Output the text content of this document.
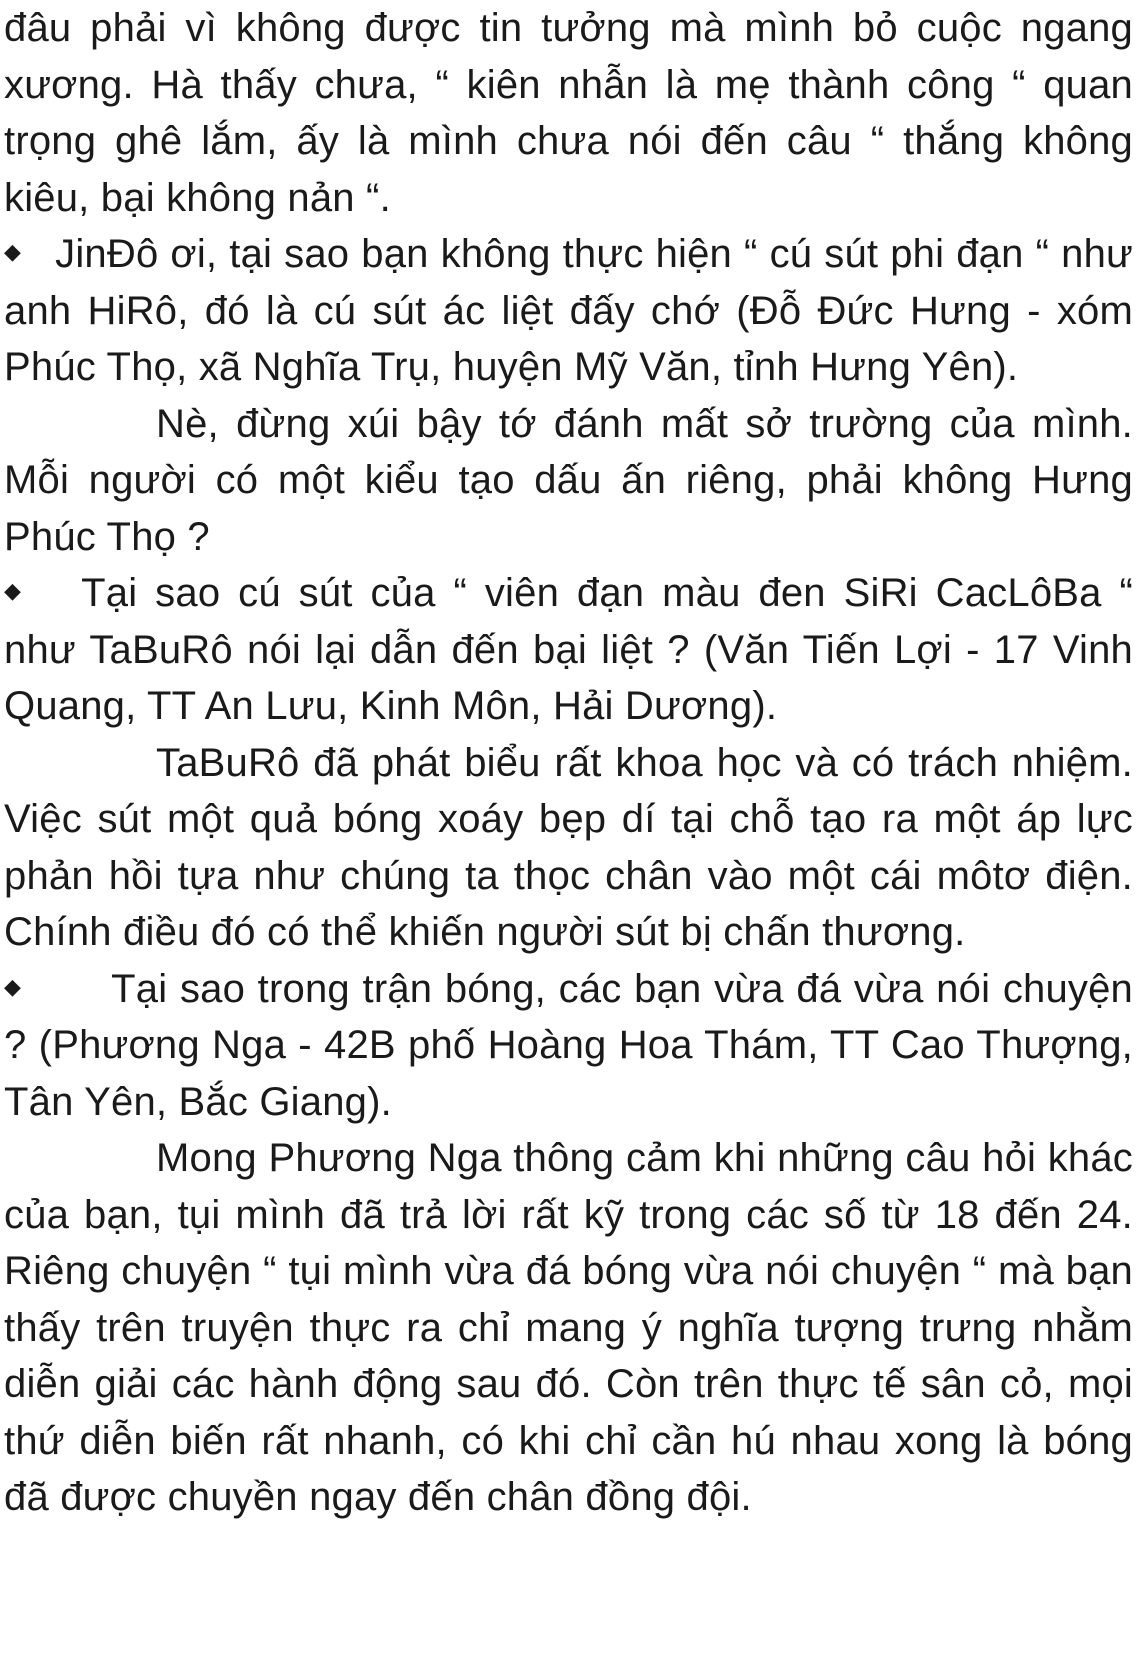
đâu phải vì không được tin tưởng mà mình bỏ cuộc ngang xương. Hà thấy chưa, “ kiên nhẫn là mẹ thành công “ quan trọng ghê lắm, ấy là mình chưa nói đến câu “ thắng không kiêu, bại không nản “.

◆ JinĐô ơi, tại sao bạn không thực hiện “ cú sút phi đạn “ như anh HiRô, đó là cú sút ác liệt đấy chớ (Đỗ Đức Hưng - xóm Phúc Thọ, xã Nghĩa Trụ, huyện Mỹ Văn, tỉnh Hưng Yên).

Nè, đừng xúi bậy tớ đánh mất sở trường của mình. Mỗi người có một kiểu tạo dấu ấn riêng, phải không Hưng Phúc Thọ ?

◆ Tại sao cú sút của “ viên đạn màu đen SiRi CacLôBa “ như TaBuRô nói lại dẫn đến bại liệt ? (Văn Tiến Lợi - 17 Vinh Quang, TT An Lưu, Kinh Môn, Hải Dương).

TaBuRô đã phát biểu rất khoa học và có trách nhiệm. Việc sút một quả bóng xoáy bẹp dí tại chỗ tạo ra một áp lực phản hồi tựa như chúng ta thọc chân vào một cái môtơ điện. Chính điều đó có thể khiến người sút bị chấn thương.

◆ Tại sao trong trận bóng, các bạn vừa đá vừa nói chuyện ? (Phương Nga - 42B phố Hoàng Hoa Thám, TT Cao Thượng, Tân Yên, Bắc Giang).

Mong Phương Nga thông cảm khi những câu hỏi khác của bạn, tụi mình đã trả lời rất kỹ trong các số từ 18 đến 24. Riêng chuyện “ tụi mình vừa đá bóng vừa nói chuyện “ mà bạn thấy trên truyện thực ra chỉ mang ý nghĩa tượng trưng nhằm diễn giải các hành động sau đó. Còn trên thực tế sân cỏ, mọi thứ diễn biến rất nhanh, có khi chỉ cần hú nhau xong là bóng đã được chuyền ngay đến chân đồng đội.
